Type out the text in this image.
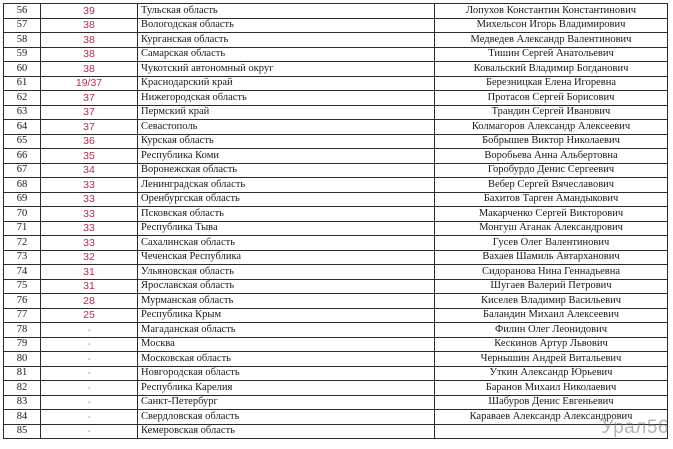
56	39	Тульская область	Лопухов Константин Константинович
57	38	Вологодская область	Михельсон Игорь Владимирович
58	38	Курганская область	Медведев Александр Валентинович
59	38	Самарская область	Тишин Сергей Анатольевич
60	38	Чукотский автономный округ	Ковальский Владимир Богданович
61	19/37	Краснодарский край	Березницкая Елена Игоревна
62	37	Нижегородская область	Протасов Сергей Борисович
63	37	Пермский край	Трандин Сергей Иванович
64	37	Севастополь	Колмагоров Александр Алексеевич
65	36	Курская область	Бобрышев Виктор Николаевич
66	35	Республика Коми	Воробьева Анна Альбертовна
67	34	Воронежская область	Горобурдо Денис Сергеевич
68	33	Ленинградская область	Вебер Сергей Вячеславович
69	33	Оренбургская область	Бахитов Тарген Амандыкович
70	33	Псковская область	Макарченко Сергей Викторович
71	33	Республика Тыва	Монгуш Аганак Александрович
72	33	Сахалинская область	Гусев Олег Валентинович
73	32	Чеченская Республика	Вахаев Шамиль Автарханович
74	31	Ульяновская область	Сидоранова Нина Геннадьевна
75	31	Ярославская область	Шугаев Валерий Петрович
76	28	Мурманская область	Киселев Владимир Васильевич
77	25	Республика Крым	Баландин Михаил Алексеевич
78	-	Магаданская область	Филин Олег Леонидович
79	-	Москва	Кескинов Артур Львович
80	-	Московская область	Чернышин Андрей Витальевич
81	-	Новгородская область	Уткин Александр Юрьевич
82	-	Республика Карелия	Баранов Михаил Николаевич
83	-	Санкт-Петербург	Шабуров Денис Евгеньевич
84	-	Свердловская область	Караваев Александр Александрович
85	-	Кемеровская область		Урал56
